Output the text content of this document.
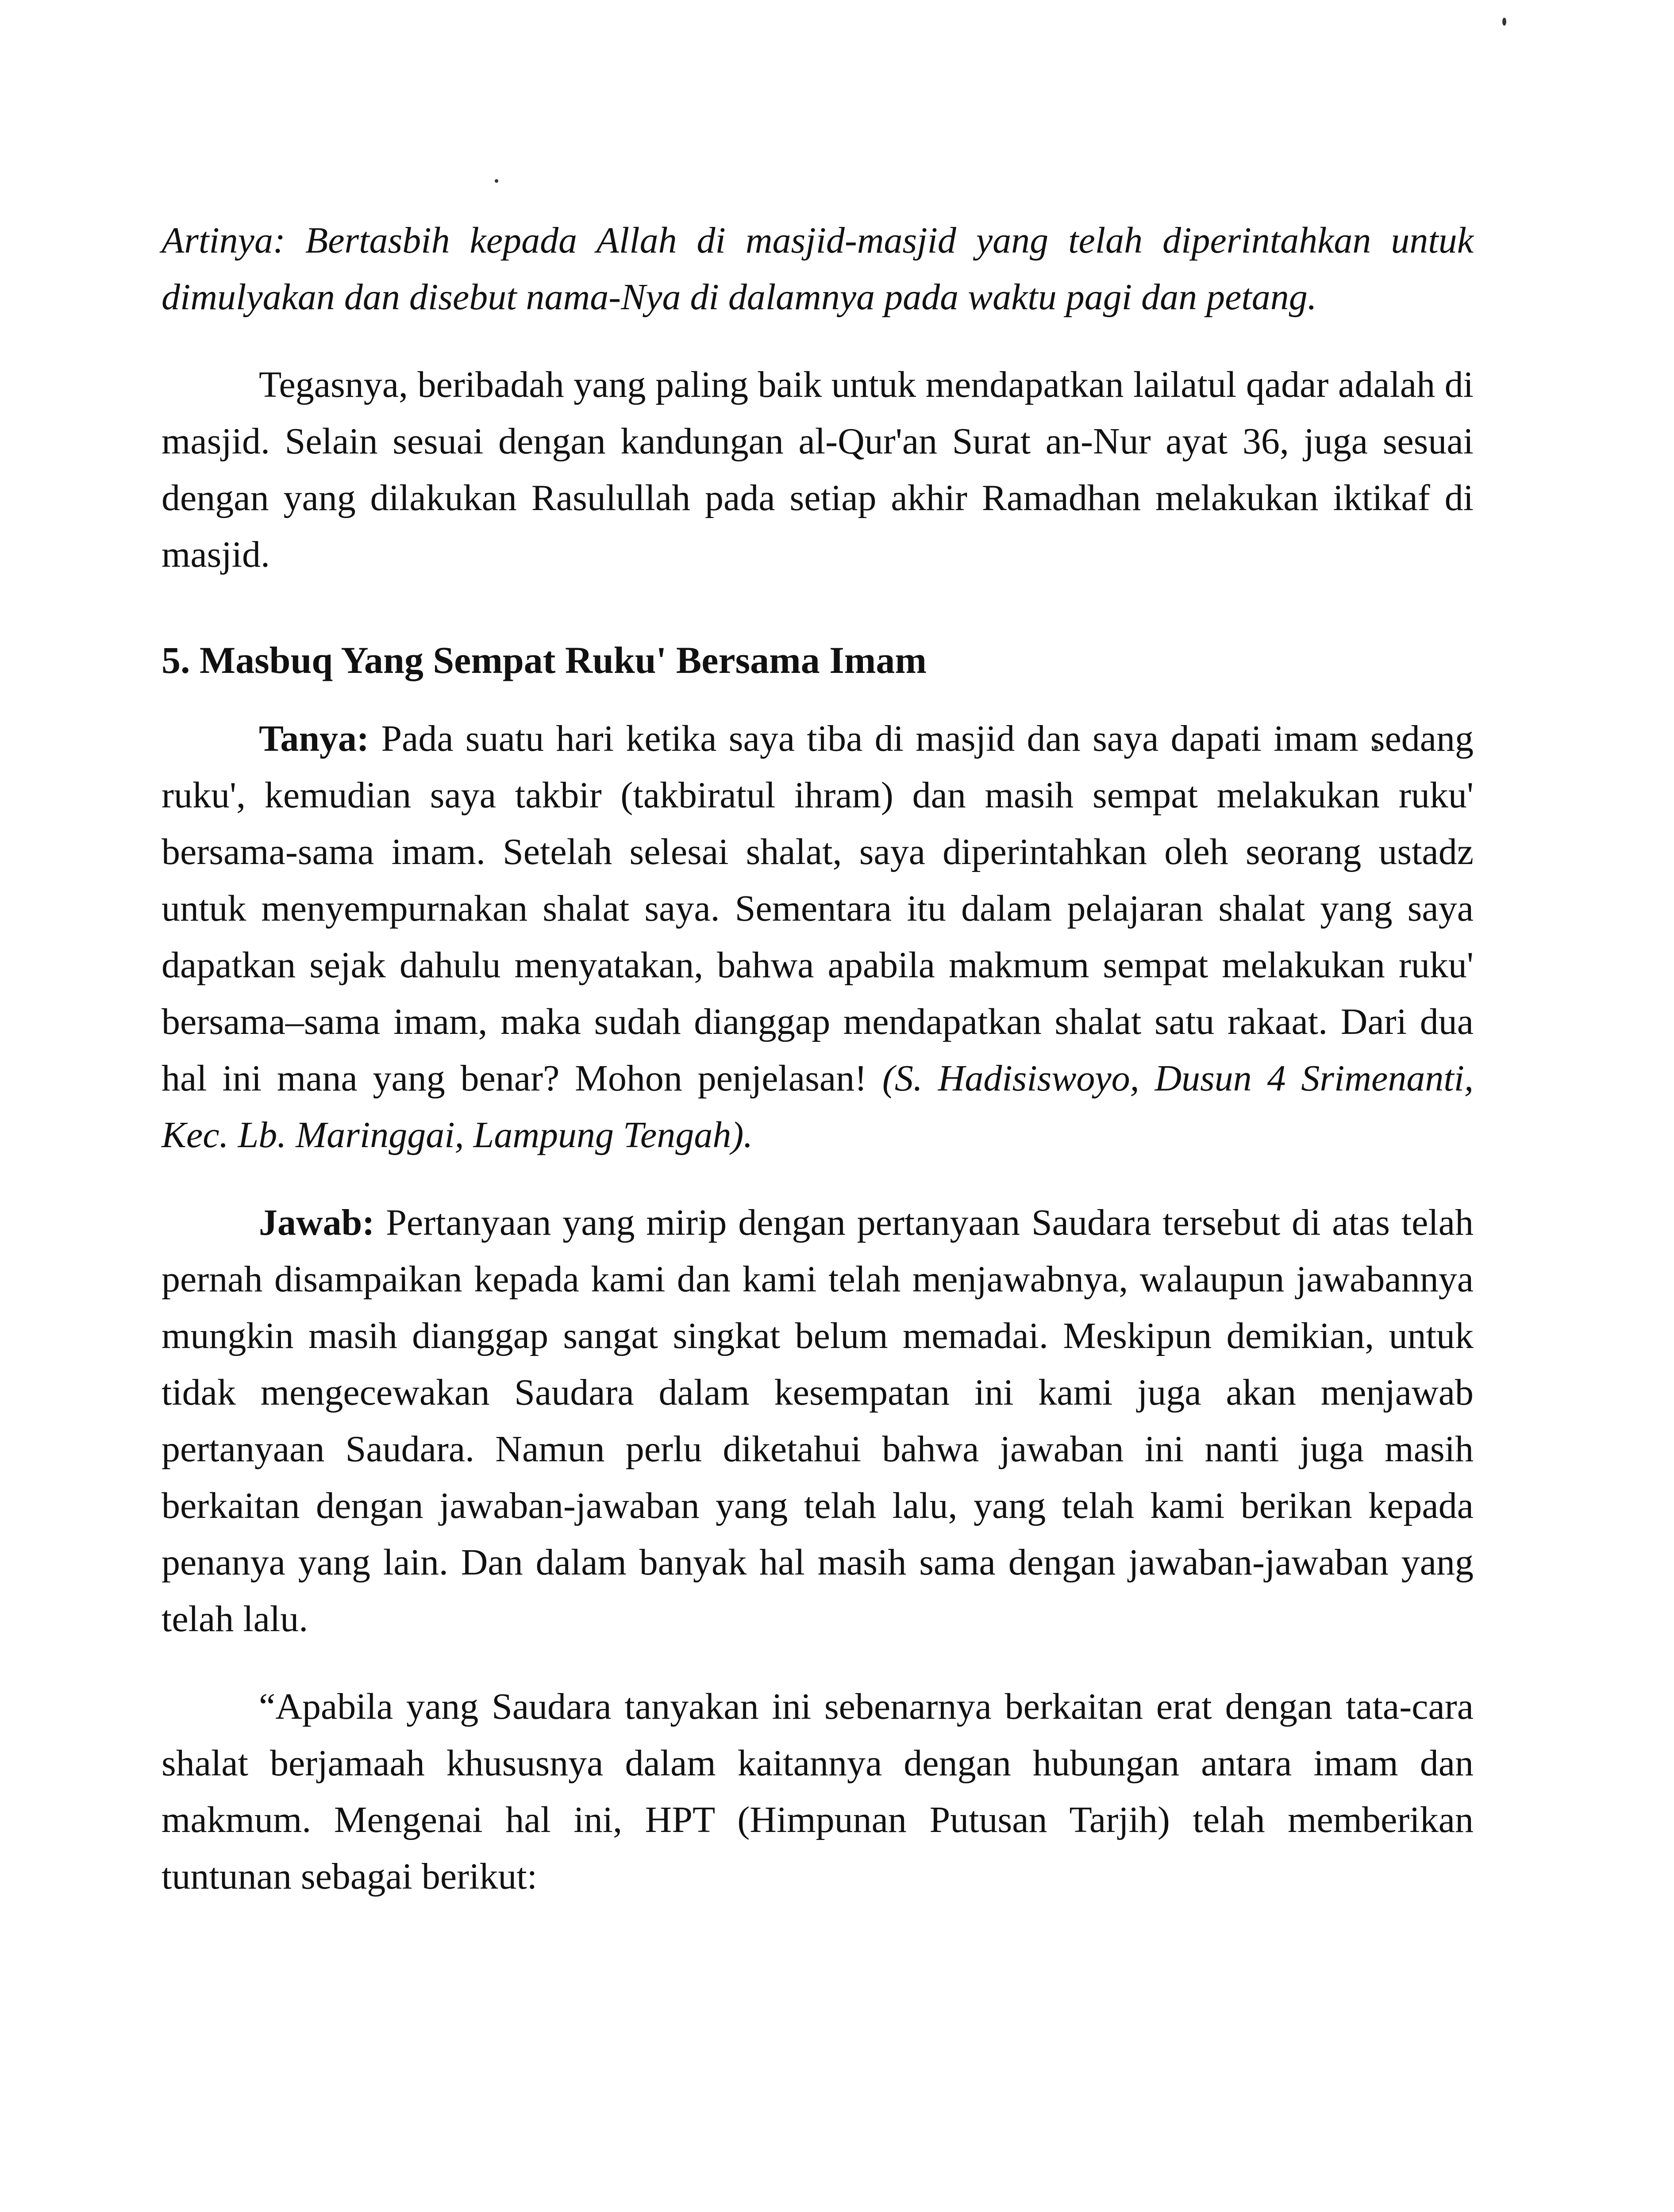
Artinya: Bertasbih kepada Allah di masjid-masjid yang telah diperintahkan untuk dimulyakan dan disebut nama-Nya di dalamnya pada waktu pagi dan petang.

Tegasnya, beribadah yang paling baik untuk mendapatkan lailatul qadar adalah di masjid. Selain sesuai dengan kandungan al-Qur'an Surat an-Nur ayat 36, juga sesuai dengan yang dilakukan Rasulullah pada setiap akhir Ramadhan melakukan iktikaf di masjid.

5. Masbuq Yang Sempat Ruku' Bersama Imam

Tanya: Pada suatu hari ketika saya tiba di masjid dan saya dapati imam sedang ruku', kemudian saya takbir (takbiratul ihram) dan masih sempat melakukan ruku' bersama-sama imam. Setelah selesai shalat, saya diperintahkan oleh seorang ustadz untuk menyempurnakan shalat saya. Sementara itu dalam pelajaran shalat yang saya dapatkan sejak dahulu menyatakan, bahwa apabila makmum sempat melakukan ruku' bersama–sama imam, maka sudah dianggap mendapatkan shalat satu rakaat. Dari dua hal ini mana yang benar? Mohon penjelasan! (S. Hadisiswoyo, Dusun 4 Srimenanti, Kec. Lb. Maringgai, Lampung Tengah).

Jawab: Pertanyaan yang mirip dengan pertanyaan Saudara tersebut di atas telah pernah disampaikan kepada kami dan kami telah menjawabnya, walaupun jawabannya mungkin masih dianggap sangat singkat belum memadai. Meskipun demikian, untuk tidak mengecewakan Saudara dalam kesempatan ini kami juga akan menjawab pertanyaan Saudara. Namun perlu diketahui bahwa jawaban ini nanti juga masih berkaitan dengan jawaban-jawaban yang telah lalu, yang telah kami berikan kepada penanya yang lain. Dan dalam banyak hal masih sama dengan jawaban-jawaban yang telah lalu.

“Apabila yang Saudara tanyakan ini sebenarnya berkaitan erat dengan tata-cara shalat berjamaah khususnya dalam kaitannya dengan hubungan antara imam dan makmum. Mengenai hal ini, HPT (Himpunan Putusan Tarjih) telah memberikan tuntunan sebagai berikut:
